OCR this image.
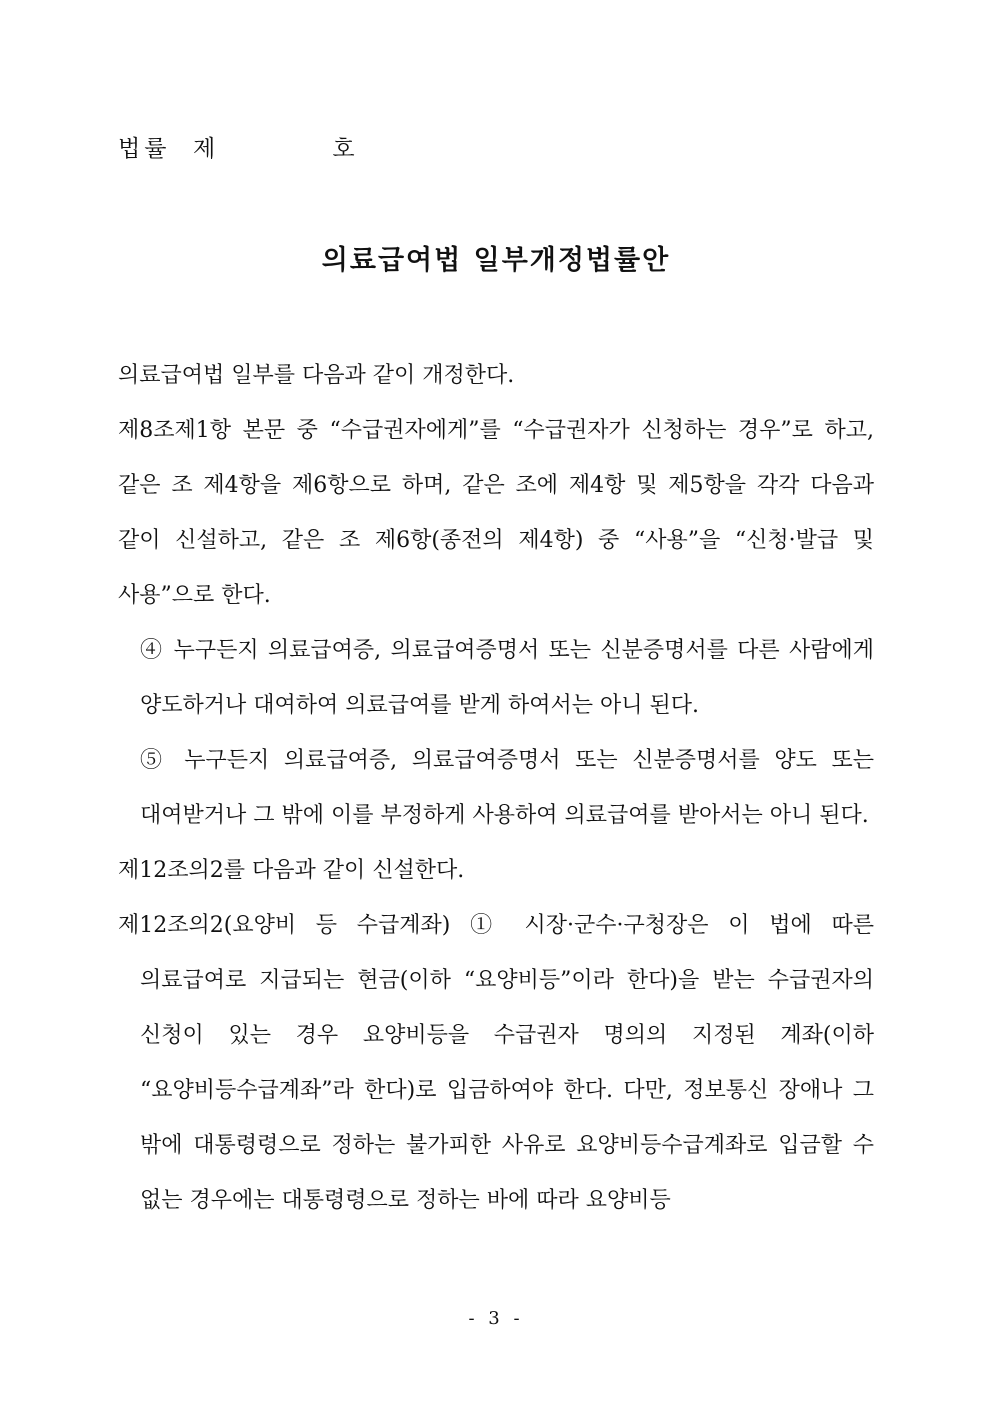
법률  제          호
의료급여법 일부개정법률안

의료급여법 일부를 다음과 같이 개정한다.

제8조제1항 본문 중 “수급권자에게”를 “수급권자가 신청하는 경우”로 하고, 같은 조 제4항을 제6항으로 하며, 같은 조에 제4항 및 제5항을 각각 다음과 같이 신설하고, 같은 조 제6항(종전의 제4항) 중 “사용”을 “신청·발급 및 사용”으로 한다.

④ 누구든지 의료급여증, 의료급여증명서 또는 신분증명서를 다른 사람에게 양도하거나 대여하여 의료급여를 받게 하여서는 아니 된다.

⑤ 누구든지 의료급여증, 의료급여증명서 또는 신분증명서를 양도 또는 대여받거나 그 밖에 이를 부정하게 사용하여 의료급여를 받아서는 아니 된다.

제12조의2를 다음과 같이 신설한다.

제12조의2(요양비 등 수급계좌) ① 시장·군수·구청장은 이 법에 따른 의료급여로 지급되는 현금(이하 “요양비등”이라 한다)을 받는 수급권자의 신청이 있는 경우 요양비등을 수급권자 명의의 지정된 계좌(이하 “요양비등수급계좌”라 한다)로 입금하여야 한다. 다만, 정보통신 장애나 그 밖에 대통령령으로 정하는 불가피한 사유로 요양비등수급계좌로 입금할 수 없는 경우에는 대통령령으로 정하는 바에 따라 요양비등

- 3 -
